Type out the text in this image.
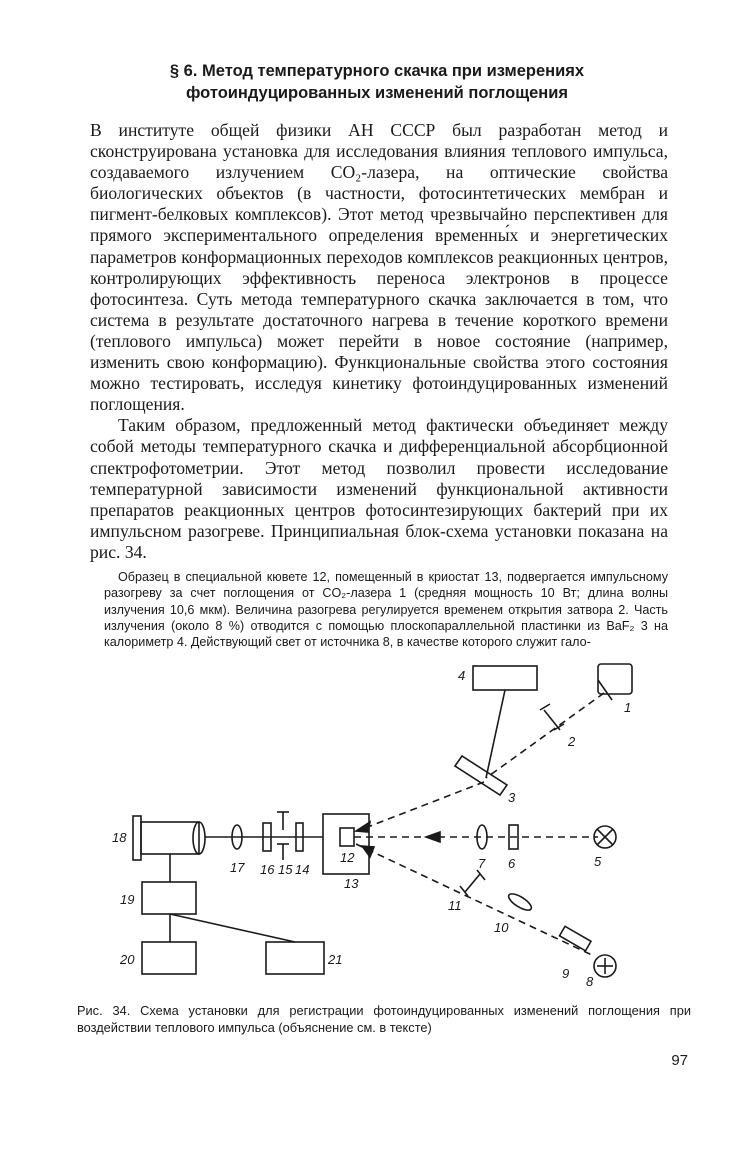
§ 6. Метод температурного скачка при измерениях
фотоиндуцированных изменений поглощения

В институте общей физики АН СССР был разработан метод и сконструирована установка для исследования влияния теплового импульса, создаваемого излучением CO₂-лазера, на оптические свойства биологических объектов (в частности, фотосинтетических мембран и пигмент-белковых комплексов). Этот метод чрезвычайно перспективен для прямого экспериментального определения временны́х и энергетических параметров конформационных переходов комплексов реакционных центров, контролирующих эффективность переноса электронов в процессе фотосинтеза. Суть метода температурного скачка заключается в том, что система в результате достаточного нагрева в течение короткого времени (теплового импульса) может перейти в новое состояние (например, изменить свою конформацию). Функциональные свойства этого состояния можно тестировать, исследуя кинетику фотоиндуцированных изменений поглощения.

Таким образом, предложенный метод фактически объединяет между собой методы температурного скачка и дифференциальной абсорбционной спектрофотометрии. Этот метод позволил провести исследование температурной зависимости изменений функциональной активности препаратов реакционных центров фотосинтезирующих бактерий при их импульсном разогреве. Принципиальная блок-схема установки показана на рис. 34.

Образец в специальной кювете 12, помещенный в криостат 13, подвергается импульсному разогреву за счет поглощения от CO₂-лазера 1 (средняя мощность 10 Вт; длина волны излучения 10,6 мкм). Величина разогрева регулируется временем открытия затвора 2. Часть излучения (около 8 %) отводится с помощью плоскопараллельной пластинки из BaF₂ 3 на калориметр 4. Действующий свет от источника 8, в качестве которого служит гало-

4
1
2
3
18
17 16 15 14
12
13
7 6	5
19	11
10
20	21
9
8
Рис. 34. Схема установки для регистрации фотоиндуцированных изменений поглощения при воздействии теплового импульса (объяснение см. в тексте)
97
